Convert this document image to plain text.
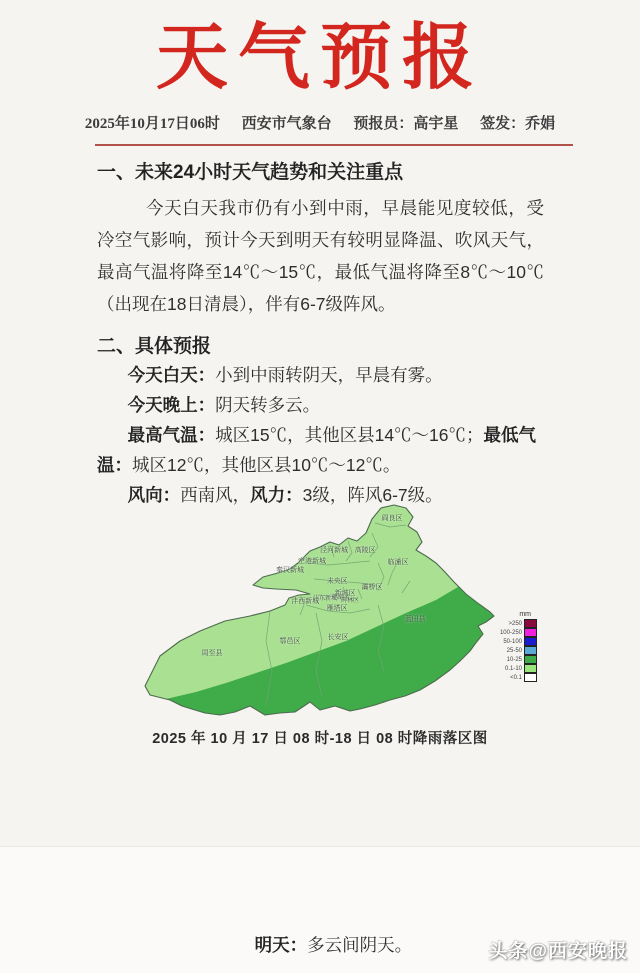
天气预报
2025年10月17日06时 西安市气象台 预报员：高宇星 签发：乔娟
一、未来24小时天气趋势和关注重点

今天白天我市仍有小到中雨，早晨能见度较低，受冷空气影响，预计今天到明天有较明显降温、吹风天气，最高气温将降至14℃～15℃，最低气温将降至8℃～10℃（出现在18日清晨），伴有6-7级阵风。

二、具体预报

今天白天：小到中雨转阴天，早晨有雾。

今天晚上：阴天转多云。

最高气温：城区15℃，其他区县14℃～16℃；最低气温：城区12℃，其他区县10℃～12℃。

风向：西南风，风力：3级，阵风6-7级。

阎良区
临潼区
高陵区
泾河新城
空港新城
秦汉新城
未央区
灞桥区
新城区
沣东新城
莲湖区
碑林区
沣西新城
雁塔区
蓝田县
长安区
鄠邑区
周至县
mm
>250
100-250
50-100
25-50
10-25
0.1-10
<0.1

2025 年 10 月 17 日 08 时-18 日 08 时降雨落区图

明天：多云间阴天。	头条@西安晚报
